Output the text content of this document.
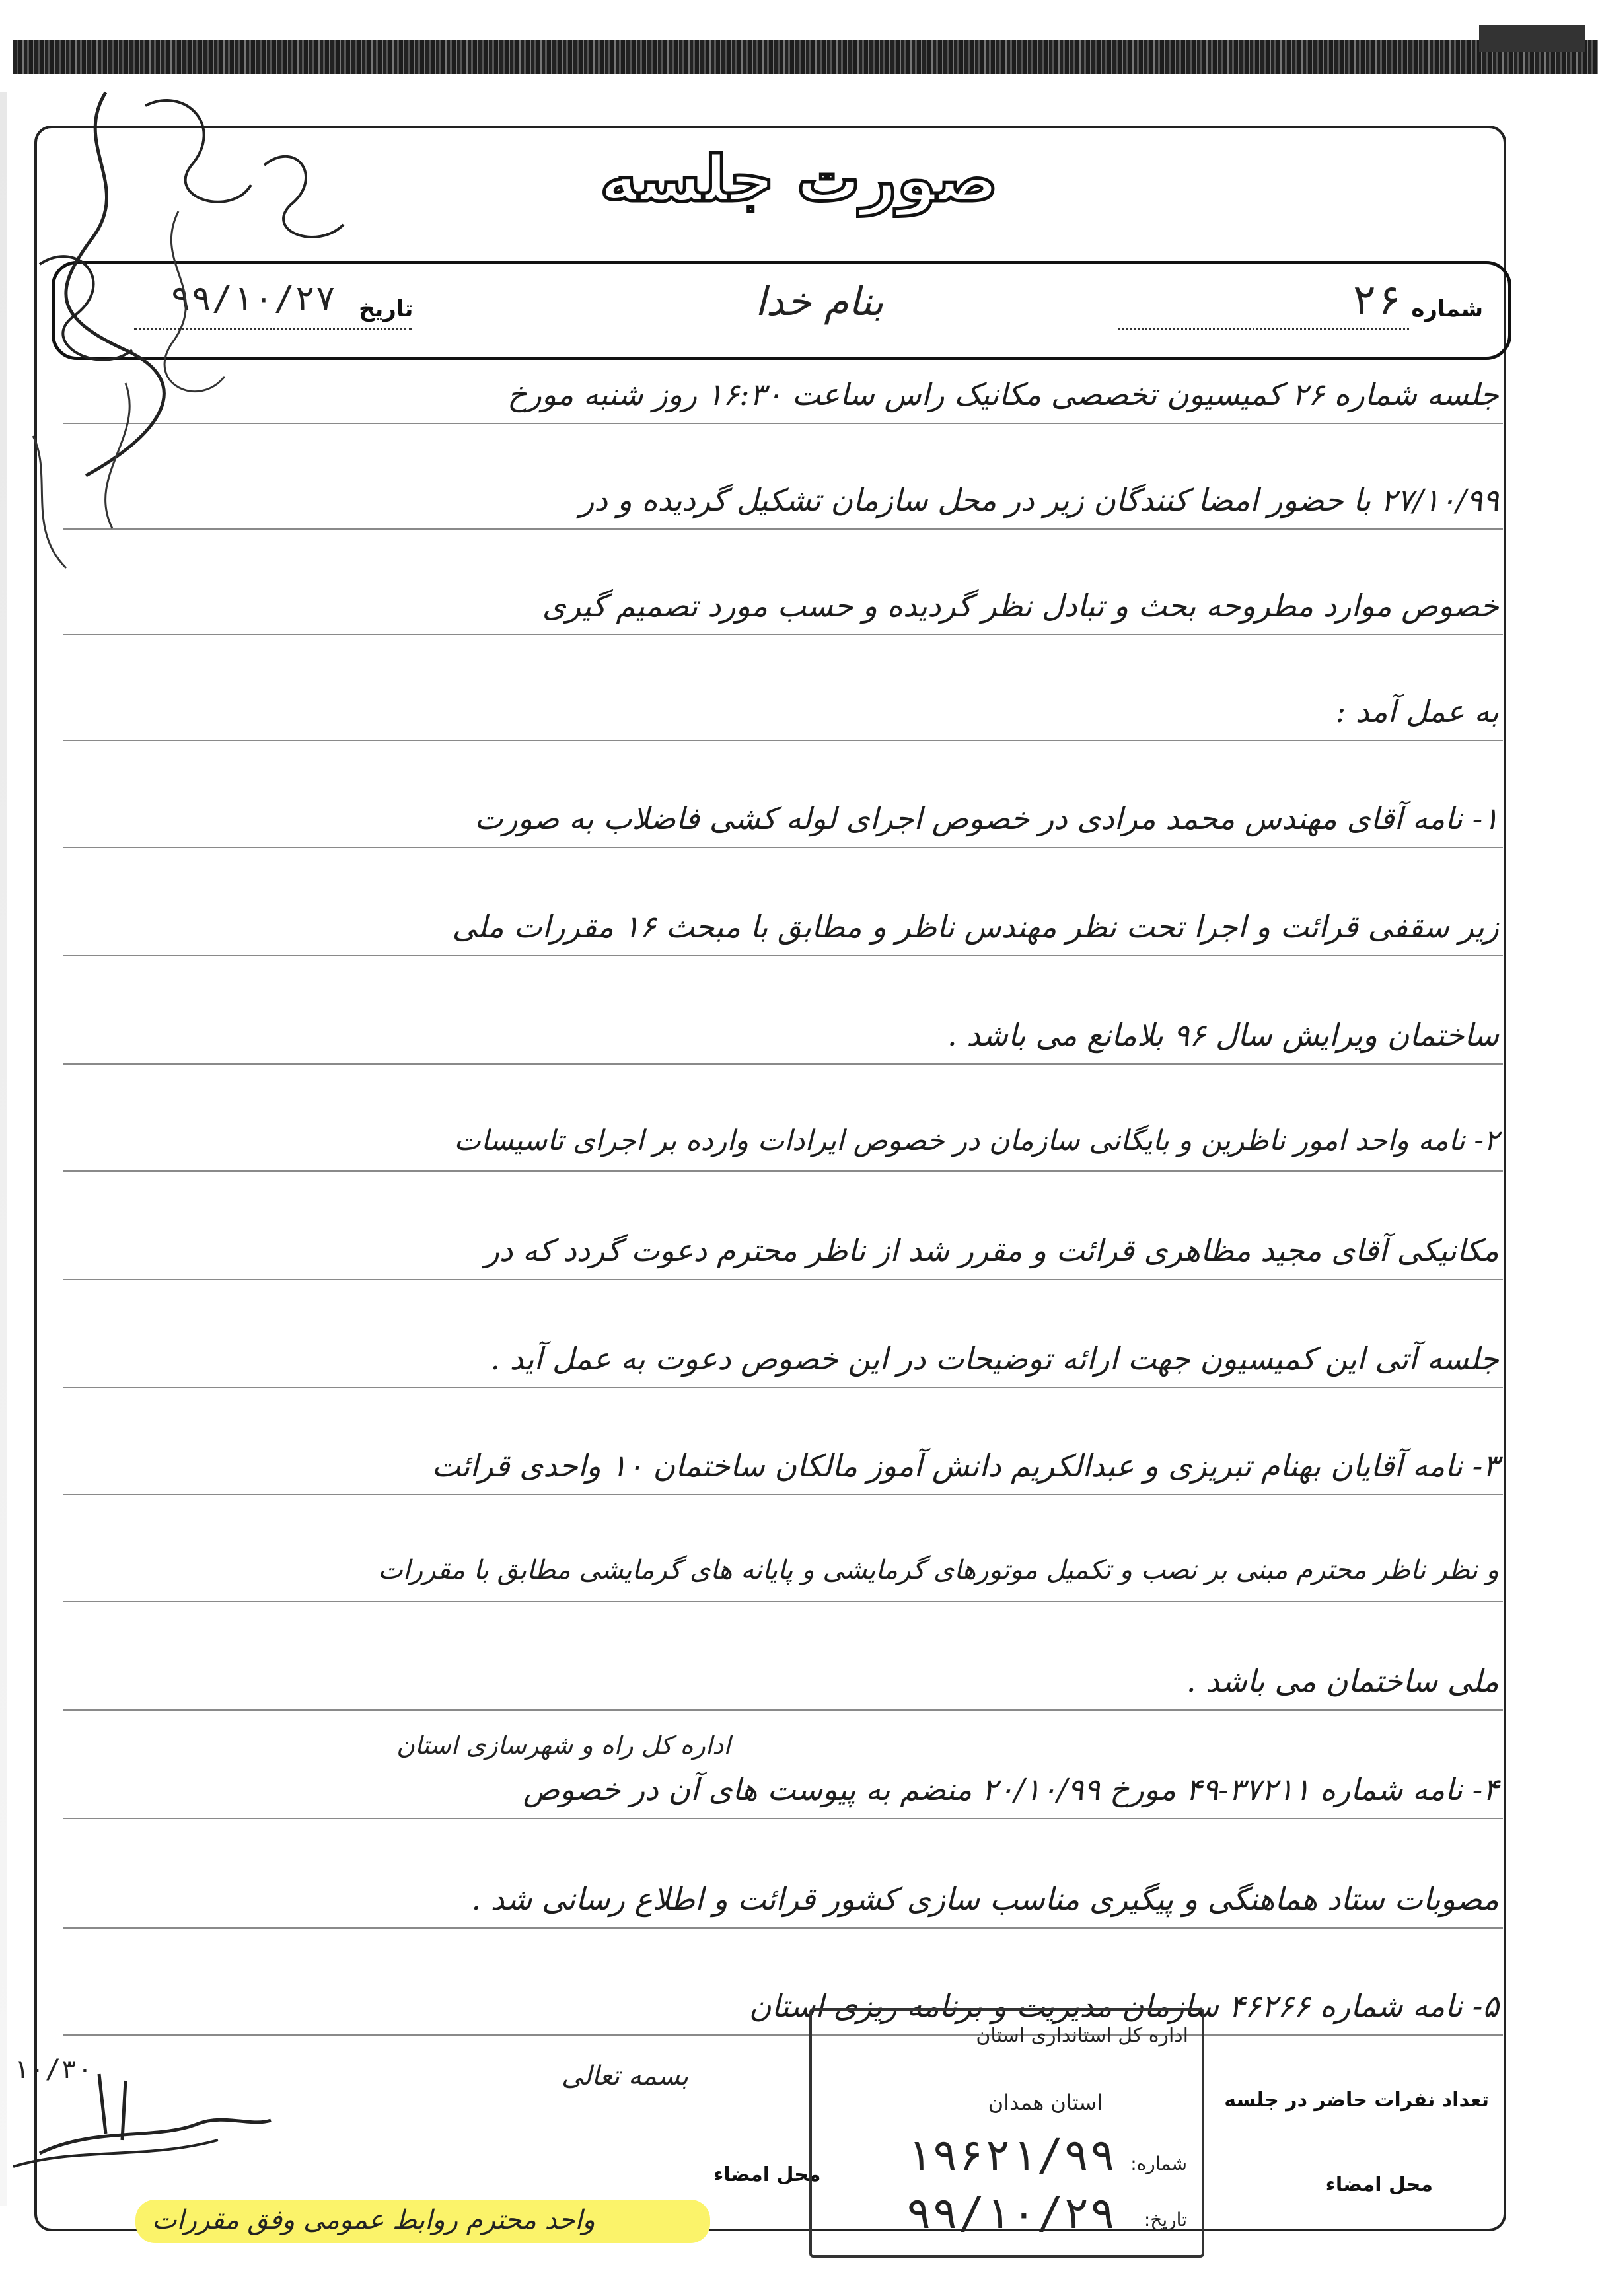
صورت جلسه
شماره
۲۶
بنام خدا
تاریخ
۹۹/۱۰/۲۷
جلسه شماره ۲۶ کمیسیون تخصصی مکانیک راس ساعت ۱۶:۳۰ روز شنبه مورخ
۲۷/۱۰/۹۹ با حضور امضا کنندگان زیر در محل سازمان تشکیل گردیده و در
خصوص موارد مطروحه بحث و تبادل نظر گردیده و حسب مورد تصمیم گیری
به عمل آمد :
۱- نامه آقای مهندس محمد مرادی در خصوص اجرای لوله کشی فاضلاب به صورت
زیر سقفی قرائت و اجرا تحت نظر مهندس ناظر و مطابق با مبحث ۱۶ مقررات ملی
ساختمان ویرایش سال ۹۶ بلامانع می باشد .
۲- نامه واحد امور ناظرین و بایگانی سازمان در خصوص ایرادات وارده بر اجرای تاسیسات
مکانیکی آقای مجید مظاهری قرائت و مقرر شد از ناظر محترم دعوت گردد که در
جلسه آتی این کمیسیون جهت ارائه توضیحات در این خصوص دعوت به عمل آید .
۳- نامه آقایان بهنام تبریزی و عبدالکریم دانش آموز مالکان ساختمان ۱۰ واحدی قرائت
و نظر ناظر محترم مبنی بر نصب و تکمیل موتورهای گرمایشی و پایانه های گرمایشی مطابق با مقررات
ملی ساختمان می باشد .
۴- نامه شماره ۳۷۲۱۱-۴۹ مورخ ۲۰/۱۰/۹۹ منضم به پیوست های آن در خصوص
مصوبات ستاد هماهنگی و پیگیری مناسب سازی کشور قرائت و اطلاع رسانی شد .
۵- نامه شماره ۴۶۲۶۶ سازمان مدیریت و برنامه ریزی استان
اداره کل راه و شهرسازی استان
۱۰/۳۰
تعداد نفرات حاضر در جلسه
محل امضاء
محل امضاء
بسمه تعالی
واحد محترم روابط عمومی وفق مقررات
اداره کل استانداری استان
استان همدان
شماره:
۱۹۶۲۱/۹۹
تاریخ:
۹۹/۱۰/۲۹
